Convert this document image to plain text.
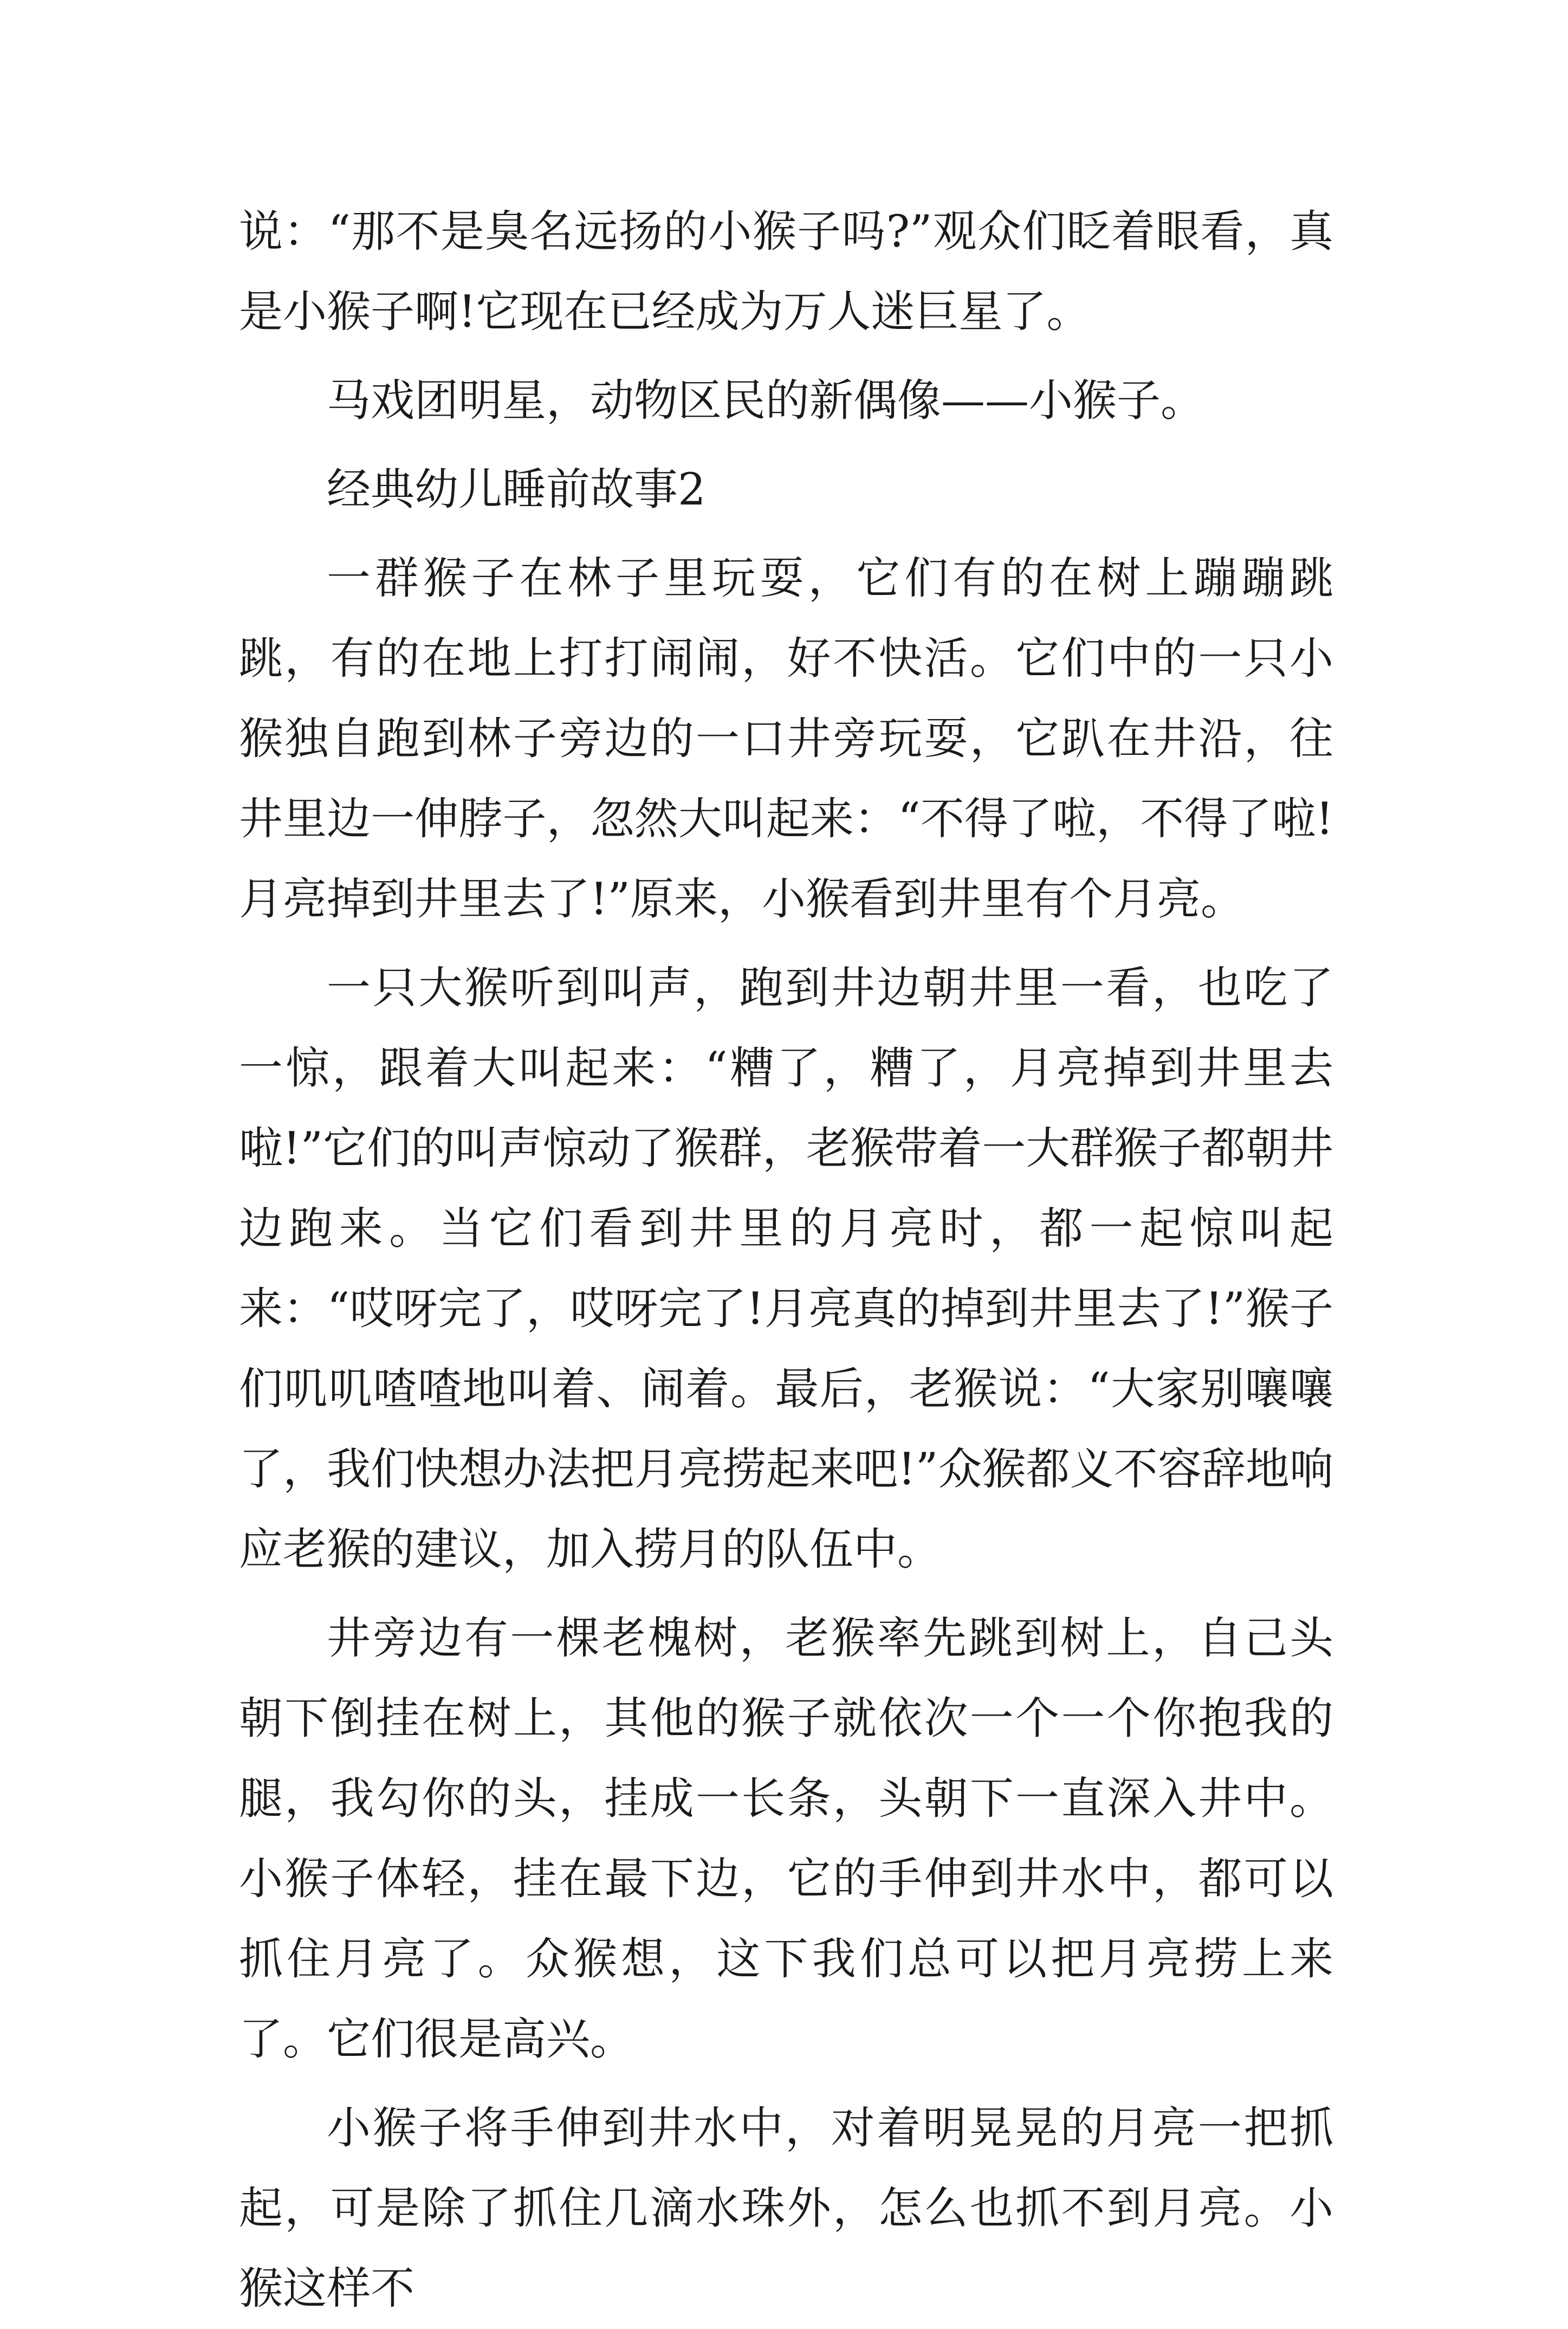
说：“那不是臭名远扬的小猴子吗?”观众们眨着眼看，真是小猴子啊!它现在已经成为万人迷巨星了。

马戏团明星，动物区民的新偶像——小猴子。

经典幼儿睡前故事2

一群猴子在林子里玩耍，它们有的在树上蹦蹦跳跳，有的在地上打打闹闹，好不快活。它们中的一只小猴独自跑到林子旁边的一口井旁玩耍，它趴在井沿，往井里边一伸脖子，忽然大叫起来：“不得了啦，不得了啦!月亮掉到井里去了!”原来，小猴看到井里有个月亮。

一只大猴听到叫声，跑到井边朝井里一看，也吃了一惊，跟着大叫起来：“糟了，糟了，月亮掉到井里去啦!”它们的叫声惊动了猴群，老猴带着一大群猴子都朝井边跑来。当它们看到井里的月亮时，都一起惊叫起来：“哎呀完了，哎呀完了!月亮真的掉到井里去了!”猴子们叽叽喳喳地叫着、闹着。最后，老猴说：“大家别嚷嚷了，我们快想办法把月亮捞起来吧!”众猴都义不容辞地响应老猴的建议，加入捞月的队伍中。

井旁边有一棵老槐树，老猴率先跳到树上，自己头朝下倒挂在树上，其他的猴子就依次一个一个你抱我的腿，我勾你的头，挂成一长条，头朝下一直深入井中。小猴子体轻，挂在最下边，它的手伸到井水中，都可以抓住月亮了。众猴想，这下我们总可以把月亮捞上来了。它们很是高兴。

小猴子将手伸到井水中，对着明晃晃的月亮一把抓起，可是除了抓住几滴水珠外，怎么也抓不到月亮。小猴这样不
